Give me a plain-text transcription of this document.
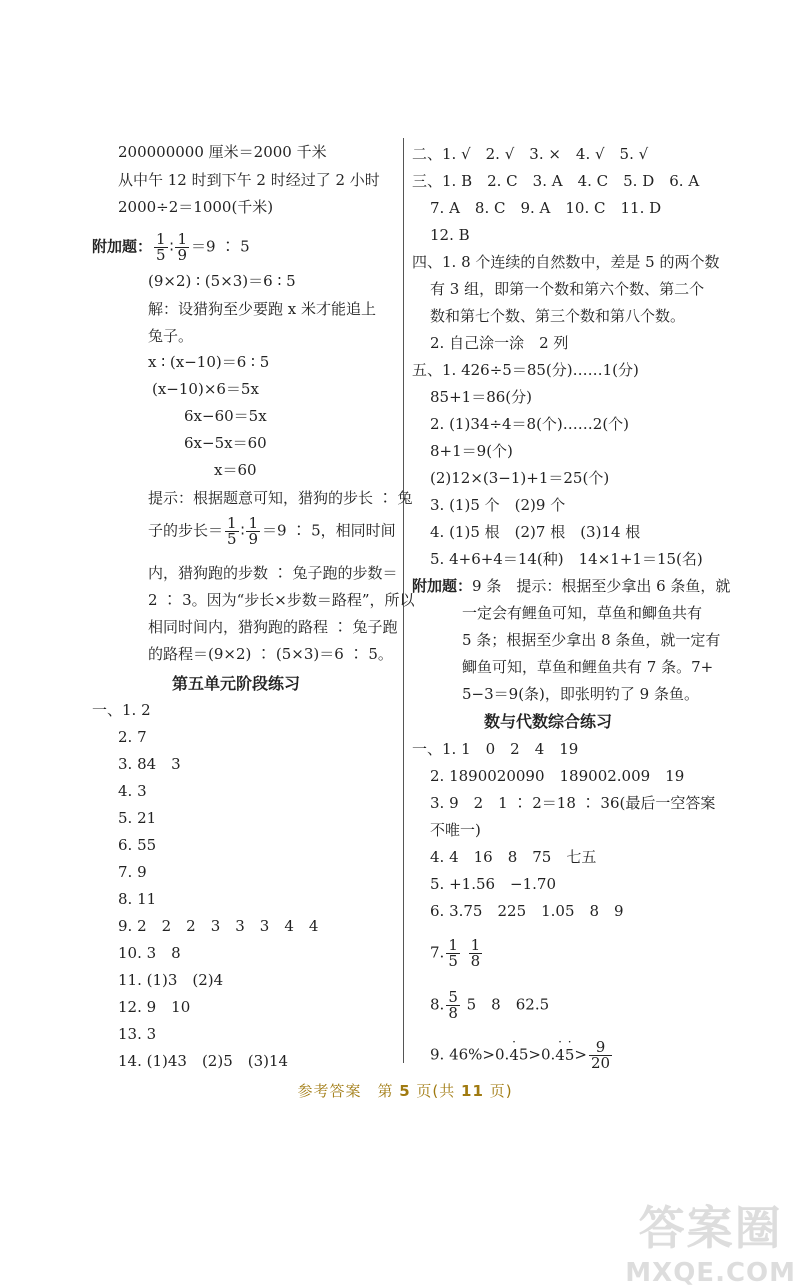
200000000 厘米＝2000 千米
从中午 12 时到下午 2 时经过了 2 小时
2000÷2＝1000(千米)
附加题： $\frac{1}{5}$ ∶ $\frac{1}{9} =9$ ∶ 5
(9×2) ∶ (5×3)＝6 ∶ 5
解：设猎狗至少要跑 x 米才能追上
兔子。
x ∶ (x−10)＝6 ∶ 5
(x−10)×6＝5x
6x−60＝5x
6x−5x＝60
x＝60
提示：根据题意可知，猎狗的步长 ∶ 兔
子的步长＝ $\frac{1}{5}$ ∶ $\frac{1}{9} =9$ ∶ 5，相同时间
内，猎狗跑的步数 ∶ 兔子跑的步数＝
2 ∶ 3。因为“步长×步数＝路程”，所以
相同时间内，猎狗跑的路程 ∶ 兔子跑
的路程＝(9×2) ∶ (5×3)＝6 ∶ 5。
第五单元阶段练习
一、1. 2
2. 7
3. 84　3
4. 3
5. 21
6. 55
7. 9
8. 11
9. 2　2　2　3　3　3　4　4
10. 3　8
11. (1)3　(2)4
12. 9　10
13. 3
14. (1)43　(2)5　(3)14
二、1. √　2. √　3. ×　4. √　5. √
三、1. B　2. C　3. A　4. C　5. D　6. A
7. A　8. C　9. A　10. C　11. D
12. B
四、1. 8 个连续的自然数中，差是 5 的两个数
有 3 组，即第一个数和第六个数、第二个
数和第七个数、第三个数和第八个数。
2. 自己涂一涂　2 列
五、1. 426÷5＝85(分)……1(分)
85+1＝86(分)
2. (1)34÷4＝8(个)……2(个)
8+1＝9(个)
(2)12×(3−1)+1＝25(个)
3. (1)5 个　(2)9 个
4. (1)5 根　(2)7 根　(3)14 根
5. 4+6+4＝14(种)　14×1+1＝15(名)
附加题：9 条　提示：根据至少拿出 6 条鱼，就
一定会有鲤鱼可知，草鱼和鲫鱼共有
5 条；根据至少拿出 8 条鱼，就一定有
鲫鱼可知，草鱼和鲤鱼共有 7 条。7+
5−3＝9(条)，即张明钓了 9 条鱼。
数与代数综合练习
一、1. 1　0　2　4　19
2. 1890020090　189002.009　19
3. 9　2　1 ∶ 2＝18 ∶ 36(最后一空答案
不唯一)
4. 4　16　8　75　七五
5. +1.56　−1.70
6. 3.75　225　1.05　8　9
7. $\frac{1}{5}$
$\frac{1}{8}$
8. $\frac{5}{8} 5$　8　62.5
9. 46%>0.
·
45>0.
·
4
·
$5> \frac{9}{20}$
参考答案　第 5 页(共 11 页)
答案圈
MXQE.COM
